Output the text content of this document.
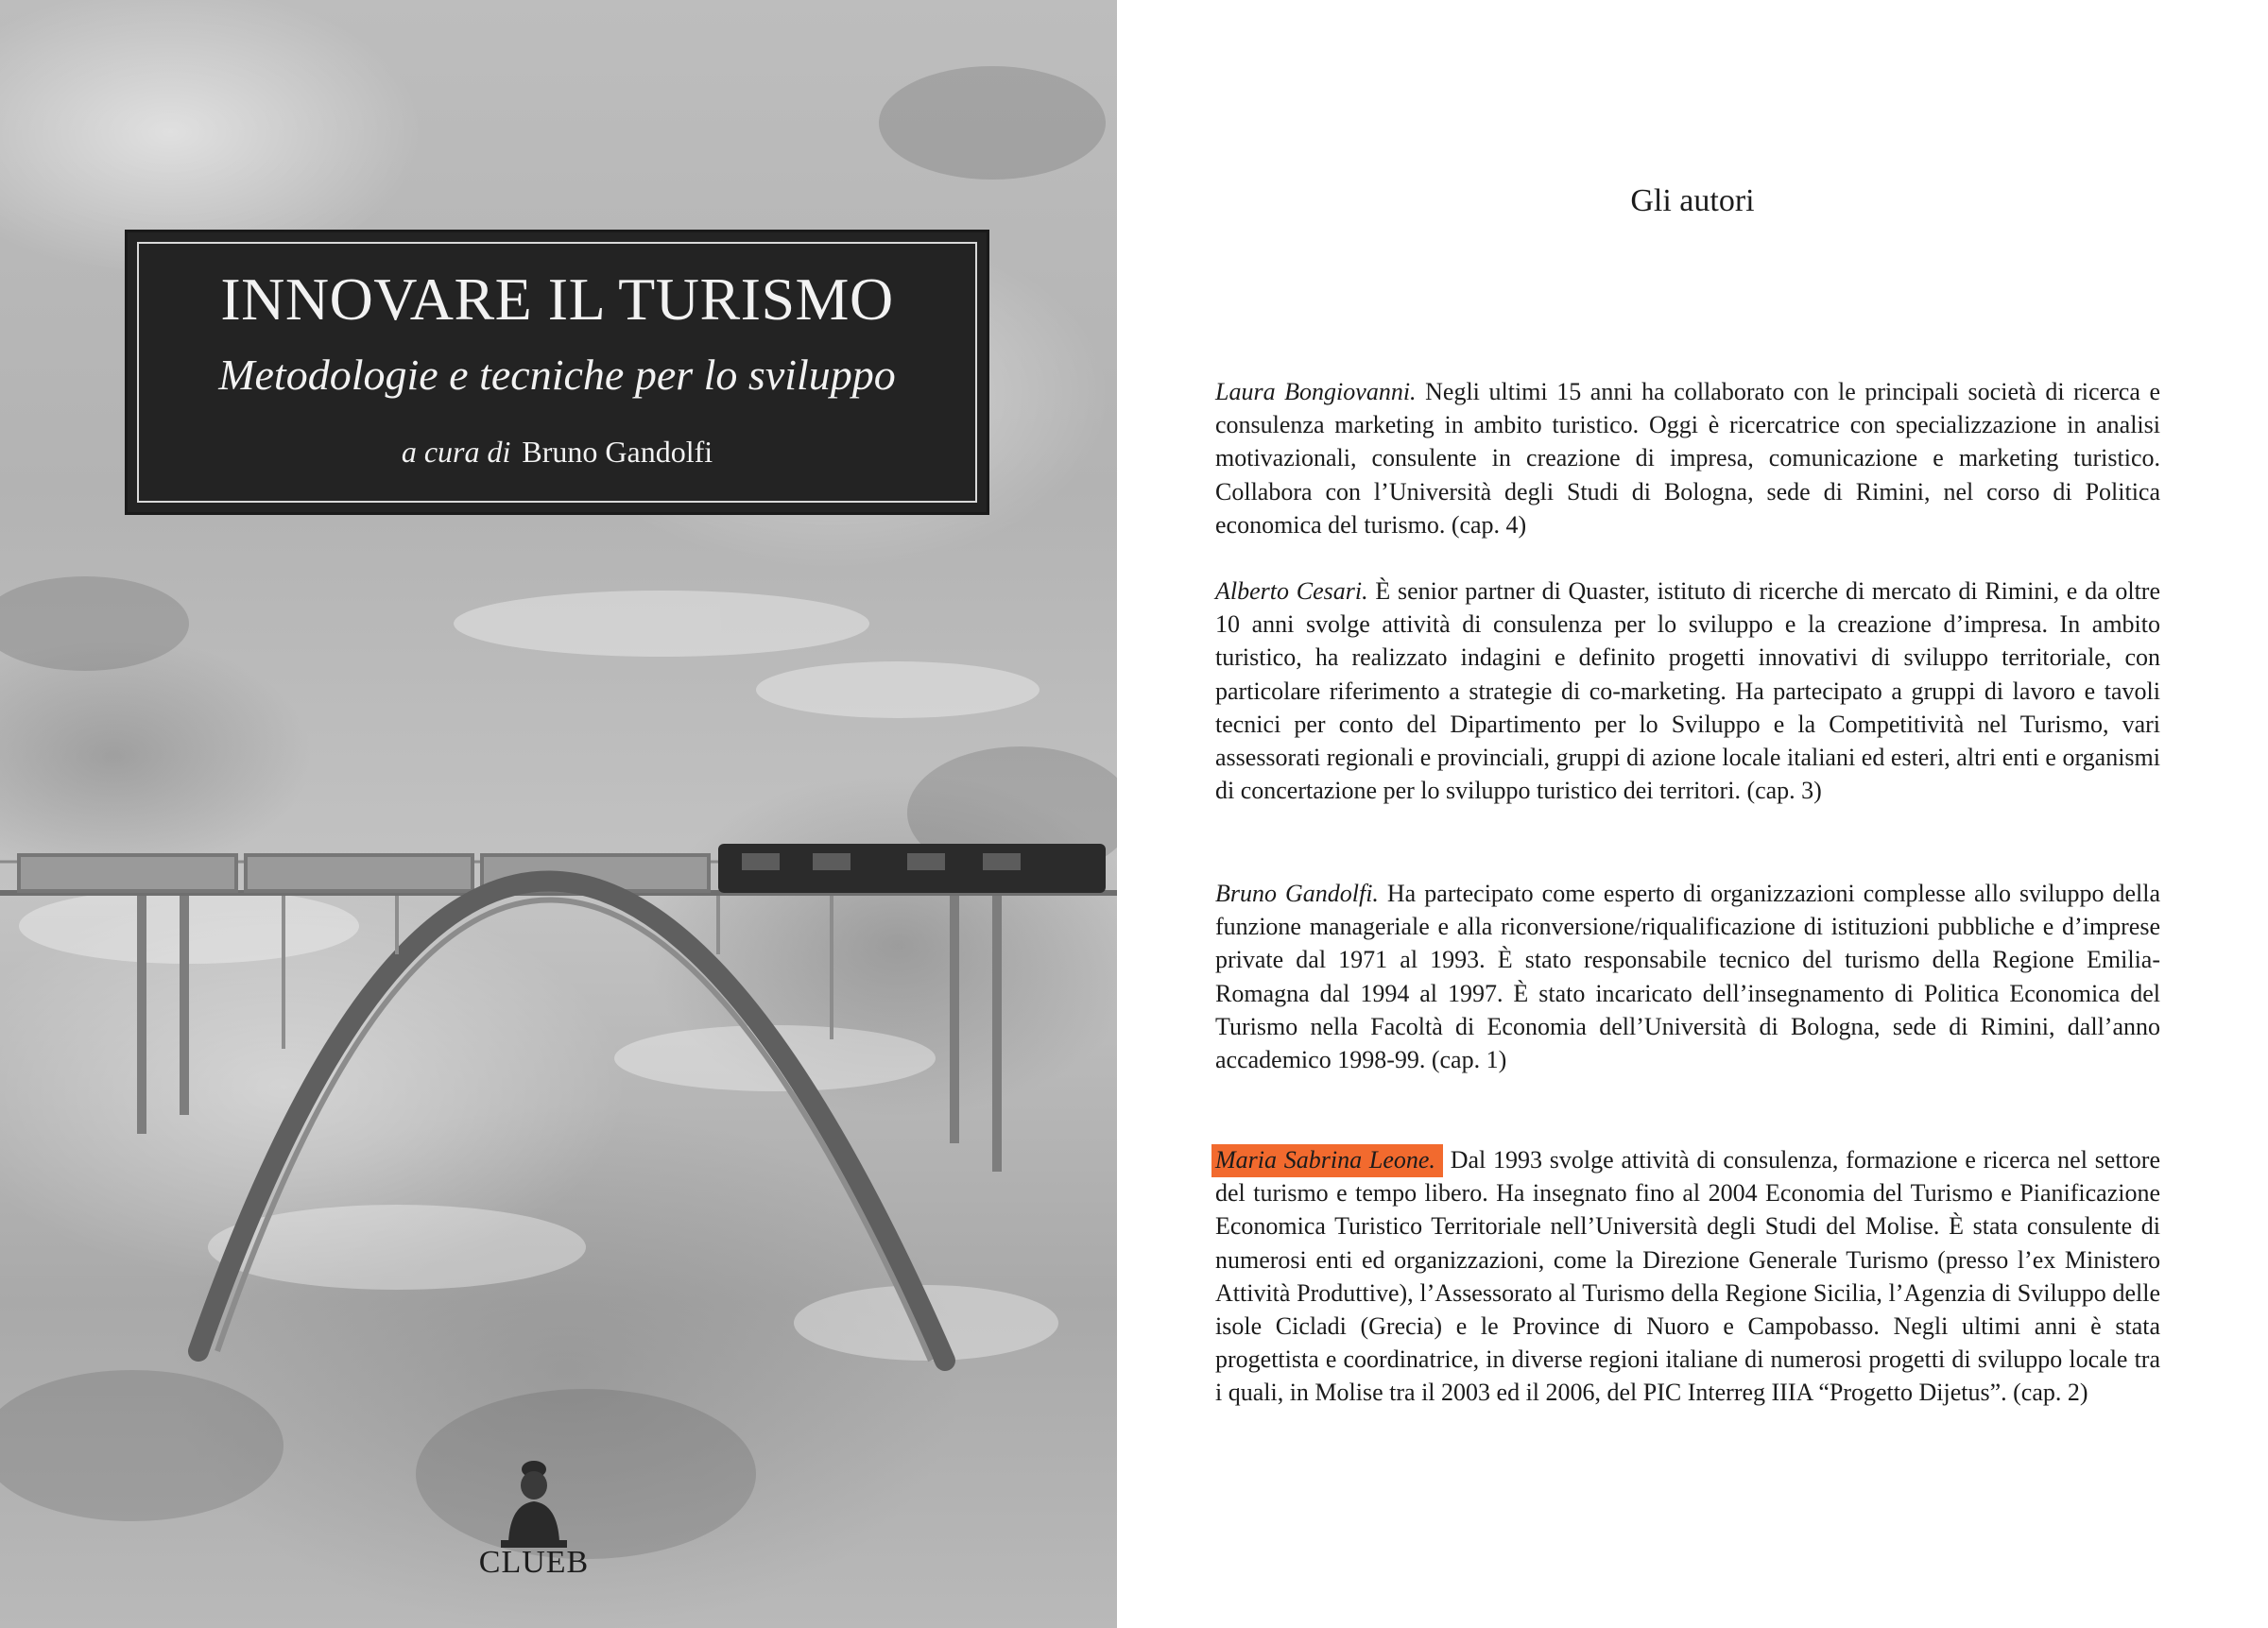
INNOVARE IL TURISMO
Metodologie e tecniche per lo sviluppo
a cura di Bruno Gandolfi
CLUEB
Gli autori
Laura Bongiovanni. Negli ultimi 15 anni ha collaborato con le principali società di ricerca e consulenza marketing in ambito turistico. Oggi è ricercatrice con specializzazione in analisi motivazionali, consulente in creazione di impresa, comunicazione e marketing turistico. Collabora con l’Università degli Studi di Bologna, sede di Rimini, nel corso di Politica economica del turismo. (cap. 4)
Alberto Cesari. È senior partner di Quaster, istituto di ricerche di mercato di Rimini, e da oltre 10 anni svolge attività di consulenza per lo sviluppo e la creazione d’impresa. In ambito turistico, ha realizzato indagini e definito progetti innovativi di sviluppo territoriale, con particolare riferimento a strategie di co-marketing. Ha partecipato a gruppi di lavoro e tavoli tecnici per conto del Dipartimento per lo Sviluppo e la Competitività nel Turismo, vari assessorati regionali e provinciali, gruppi di azione locale italiani ed esteri, altri enti e organismi di concertazione per lo sviluppo turistico dei territori. (cap. 3)
Bruno Gandolfi. Ha partecipato come esperto di organizzazioni complesse allo sviluppo della funzione manageriale e alla riconversione/riqualificazione di istituzioni pubbliche e d’imprese private dal 1971 al 1993. È stato responsabile tecnico del turismo della Regione Emilia-Romagna dal 1994 al 1997. È stato incaricato dell’insegnamento di Politica Economica del Turismo nella Facoltà di Economia dell’Università di Bologna, sede di Rimini, dall’anno accademico 1998-99. (cap. 1)
Maria Sabrina Leone. Dal 1993 svolge attività di consulenza, formazione e ricerca nel settore del turismo e tempo libero. Ha insegnato fino al 2004 Economia del Turismo e Pianificazione Economica Turistico Territoriale nell’Università degli Studi del Molise. È stata consulente di numerosi enti ed organizzazioni, come la Direzione Generale Turismo (presso l’ex Ministero Attività Produttive), l’Assessorato al Turismo della Regione Sicilia, l’Agenzia di Sviluppo delle isole Cicladi (Grecia) e le Province di Nuoro e Campobasso. Negli ultimi anni è stata progettista e coordinatrice, in diverse regioni italiane di numerosi progetti di sviluppo locale tra i quali, in Molise tra il 2003 ed il 2006, del PIC Interreg IIIA “Progetto Dijetus”. (cap. 2)
